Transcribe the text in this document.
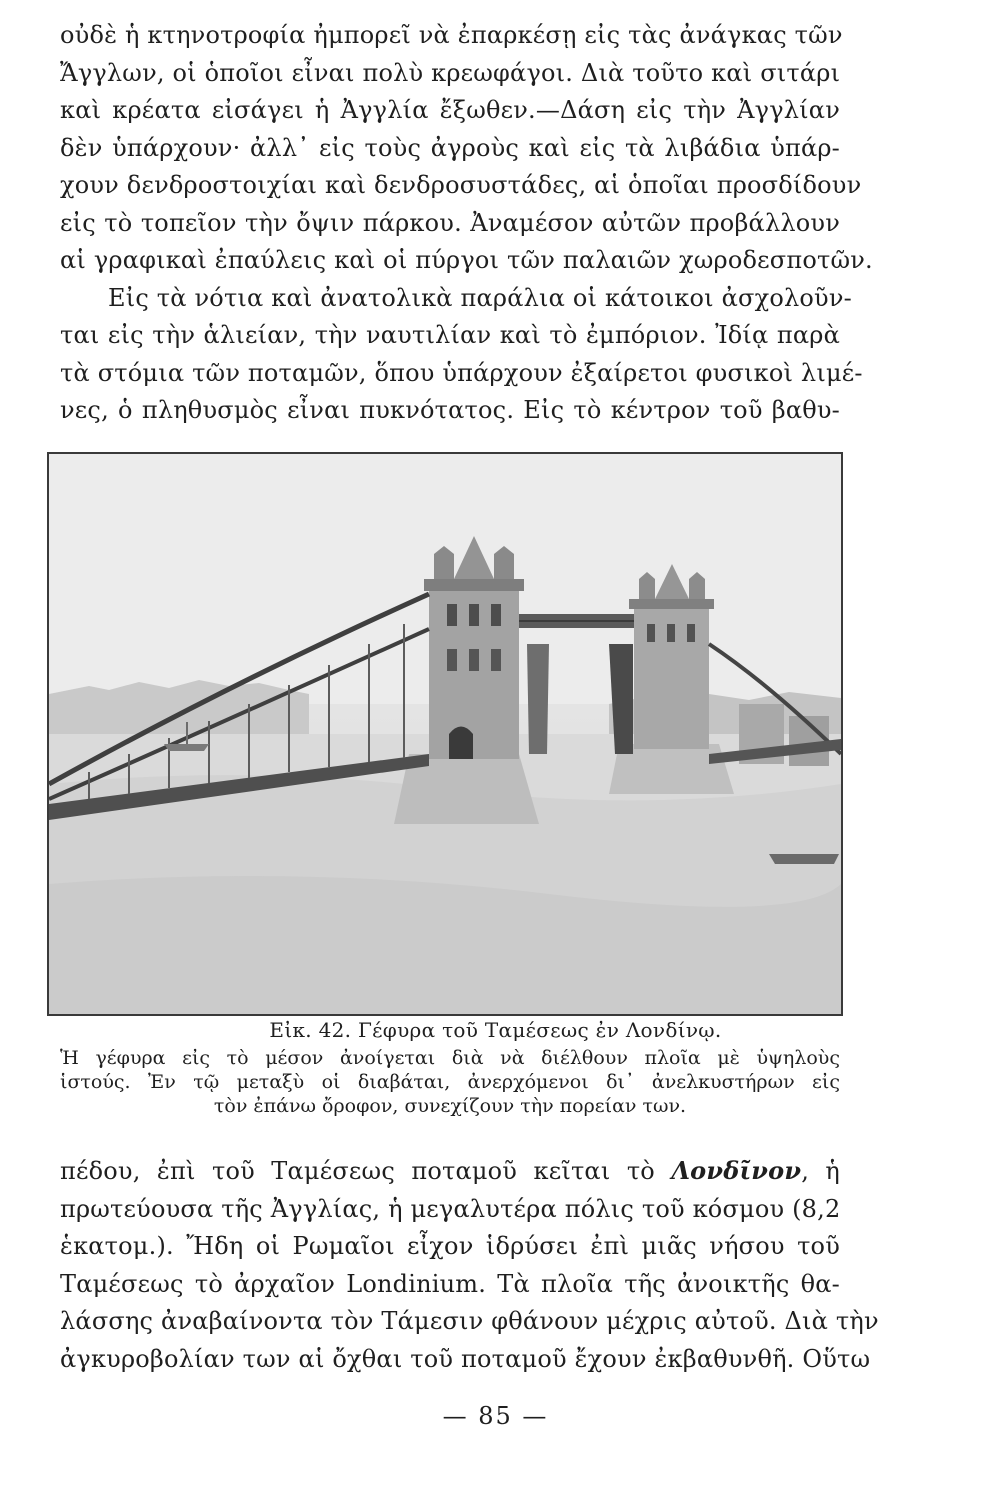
οὐδὲ ἡ κτηνοτροφία ἠμπορεῖ νὰ ἐπαρκέσῃ εἰς τὰς ἀνάγκας τῶν
Ἄγγλων, οἱ ὁποῖοι εἶναι πολὺ κρεωφάγοι. Διὰ τοῦτο καὶ σιτάρι
καὶ κρέατα εἰσάγει ἡ Ἀγγλία ἔξωθεν.—Δάση εἰς τὴν Ἀγγλίαν
δὲν ὑπάρχουν· ἀλλ᾿ εἰς τοὺς ἀγροὺς καὶ εἰς τὰ λιβάδια ὑπάρ-
χουν δενδροστοιχίαι καὶ δενδροσυστάδες, αἱ ὁποῖαι προσδίδουν
εἰς τὸ τοπεῖον τὴν ὄψιν πάρκου. Ἀναμέσον αὐτῶν προβάλλουν
αἱ γραφικαὶ ἐπαύλεις καὶ οἱ πύργοι τῶν παλαιῶν χωροδεσποτῶν.
Εἰς τὰ νότια καὶ ἀνατολικὰ παράλια οἱ κάτοικοι ἀσχολοῦν-
ται εἰς τὴν ἁλιείαν, τὴν ναυτιλίαν καὶ τὸ ἐμπόριον. Ἰδίᾳ παρὰ
τὰ στόμια τῶν ποταμῶν, ὅπου ὑπάρχουν ἐξαίρετοι φυσικοὶ λιμέ-
νες, ὁ πληθυσμὸς εἶναι πυκνότατος. Εἰς τὸ κέντρον τοῦ βαθυ-
Εἰκ. 42. Γέφυρα τοῦ Ταμέσεως ἐν Λονδίνῳ.
Ἡ γέφυρα εἰς τὸ μέσον ἀνοίγεται διὰ νὰ διέλθουν πλοῖα μὲ ὑψηλοὺς
ἱστούς. Ἐν τῷ μεταξὺ οἱ διαβάται, ἀνερχόμενοι δι᾿ ἀνελκυστήρων εἰς
τὸν ἐπάνω ὄροφον, συνεχίζουν τὴν πορείαν των.
πέδου, ἐπὶ τοῦ Ταμέσεως ποταμοῦ κεῖται τὸ Λονδῖνον, ἡ
πρωτεύουσα τῆς Ἀγγλίας, ἡ μεγαλυτέρα πόλις τοῦ κόσμου (8,2
ἑκατομ.). Ἤδη οἱ Ρωμαῖοι εἶχον ἱδρύσει ἐπὶ μιᾶς νήσου τοῦ
Ταμέσεως τὸ ἀρχαῖον Londinium. Τὰ πλοῖα τῆς ἀνοικτῆς θα-
λάσσης ἀναβαίνοντα τὸν Τάμεσιν φθάνουν μέχρις αὐτοῦ. Διὰ τὴν
ἀγκυροβολίαν των αἱ ὄχθαι τοῦ ποταμοῦ ἔχουν ἐκβαθυνθῆ. Οὕτω
— 85 —
